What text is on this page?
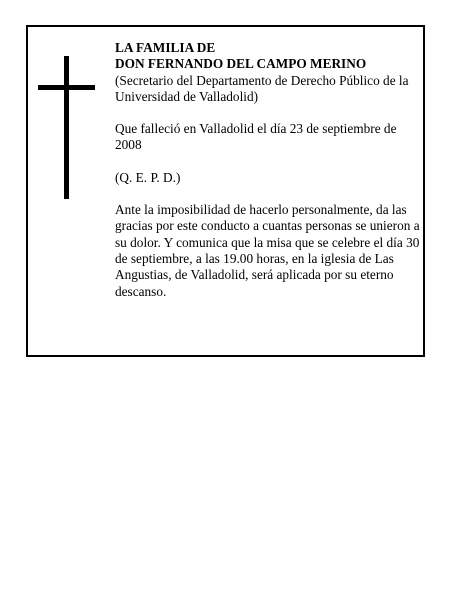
LA FAMILIA DE

DON FERNANDO DEL CAMPO MERINO

(Secretario del Departamento de Derecho Público de la Universidad de Valladolid)

Que falleció en Valladolid el día 23 de septiembre de 2008

(Q. E. P. D.)

Ante la imposibilidad de hacerlo personalmente, da las gracias por este conducto a cuantas personas se unieron a su dolor. Y comunica que la misa que se celebre el día 30 de septiembre, a las 19.00 horas, en la iglesia de Las Angustias, de Valladolid, será aplicada por su eterno descanso.
